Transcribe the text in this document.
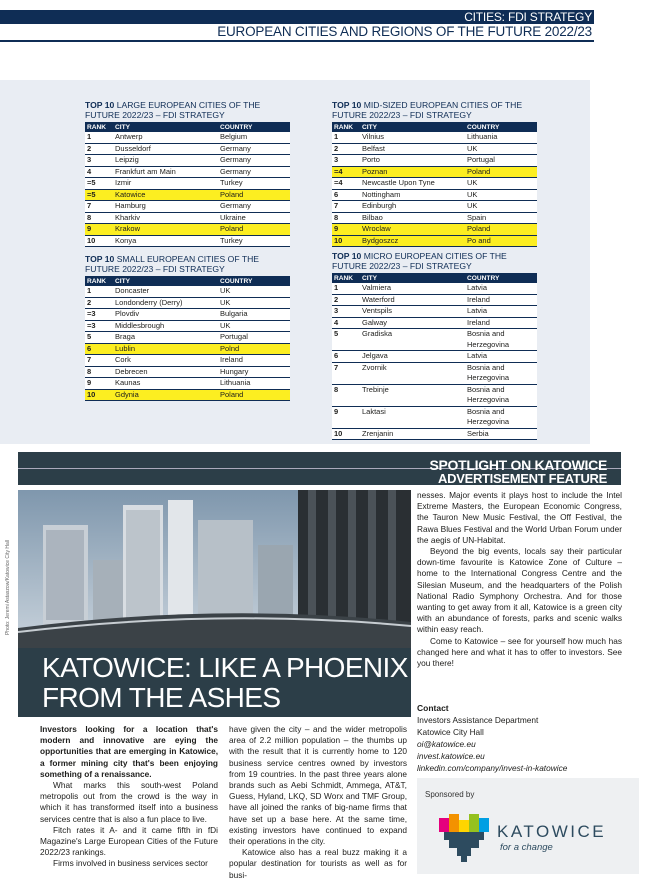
CITIES: FDI STRATEGY
EUROPEAN CITIES AND REGIONS OF THE FUTURE 2022/23
TOP 10 LARGE EUROPEAN CITIES OF THE FUTURE 2022/23 – FDI STRATEGY
RANK	CITY	COUNTRY
1	Antwerp	Belgium
2	Dusseldorf	Germany
3	Leipzig	Germany
4	Frankfurt am Main	Germany
=5	Izmir	Turkey
=5	Katowice	Poland
7	Hamburg	Germany
8	Kharkiv	Ukraine
9	Krakow	Poland
10	Konya	Turkey
TOP 10 MID-SIZED EUROPEAN CITIES OF THE FUTURE 2022/23 – FDI STRATEGY
RANK	CITY	COUNTRY
1	Vilnius	Lithuania
2	Belfast	UK
3	Porto	Portugal
=4	Poznan	Poland
=4	Newcastle Upon Tyne	UK
6	Nottingham	UK
7	Edinburgh	UK
8	Bilbao	Spain
9	Wroclaw	Poland
10	Bydgoszcz	Po and
TOP 10 SMALL EUROPEAN CITIES OF THE FUTURE 2022/23 – FDI STRATEGY
RANK	CITY	COUNTRY
1	Doncaster	UK
2	Londonderry (Derry)	UK
=3	Plovdiv	Bulgaria
=3	Middlesbrough	UK
5	Braga	Portugal
6	Lublin	Polnd
7	Cork	Ireland
8	Debrecen	Hungary
9	Kaunas	Lithuania
10	Gdynia	Poland
TOP 10 MICRO EUROPEAN CITIES OF THE FUTURE 2022/23 – FDI STRATEGY
RANK	CITY	COUNTRY
1	Valmiera	Latvia
2	Waterford	Ireland
3	Ventspils	Latvia
4	Galway	Ireland
5	Gradiska	Bosnia and Herzegovina
6	Jelgava	Latvia
7	Zvornik	Bosnia and Herzegovina
8	Trebinje	Bosnia and Herzegovina
9	Laktasi	Bosnia and Herzegovina
10	Zrenjanin	Serbia
SPOTLIGHT ON KATOWICE
ADVERTISEMENT FEATURE
Photo: Jeremi Astaszow/Katowice City Hall
KATOWICE: LIKE A PHOENIX FROM THE ASHES

Investors looking for a location that's modern and innovative are eying the opportunities that are emerging in Katowice, a former mining city that's been enjoying something of a renaissance.

What marks this south-west Poland metropolis out from the crowd is the way in which it has transformed itself into a business services centre that is also a fun place to live.

Fitch rates it A- and it came fifth in fDi Magazine's Large European Cities of the Future 2022/23 rankings.

Firms involved in business services sector

have given the city – and the wider metropolis area of 2.2 million population – the thumbs up with the result that it is currently home to 120 business service centres owned by investors from 19 countries. In the past three years alone brands such as Aebi Schmidt, Ammega, AT&T, Guess, Hyland, LKQ, SD Worx and TMF Group, have all joined the ranks of big-name firms that have set up a base here. At the same time, existing investors have continued to expand their operations in the city.

Katowice also has a real buzz making it a popular destination for tourists as well as for busi-

nesses. Major events it plays host to include the Intel Extreme Masters, the European Economic Congress, the Tauron New Music Festival, the Off Festival, the Rawa Blues Festival and the World Urban Forum under the aegis of UN-Habitat.

Beyond the big events, locals say their particular down-time favourite is Katowice Zone of Culture – home to the International Congress Centre and the Silesian Museum, and the headquarters of the Polish National Radio Symphony Orchestra. And for those wanting to get away from it all, Katowice is a green city with an abundance of forests, parks and scenic walks within easy reach.

Come to Katowice – see for yourself how much has changed here and what it has to offer to investors. See you there!

Contact
Investors Assistance Department
Katowice City Hall
oi@katowice.eu
invest.katowice.eu
linkedin.com/company/invest-in-katowice
Sponsored by
KATOWICE
for a change
